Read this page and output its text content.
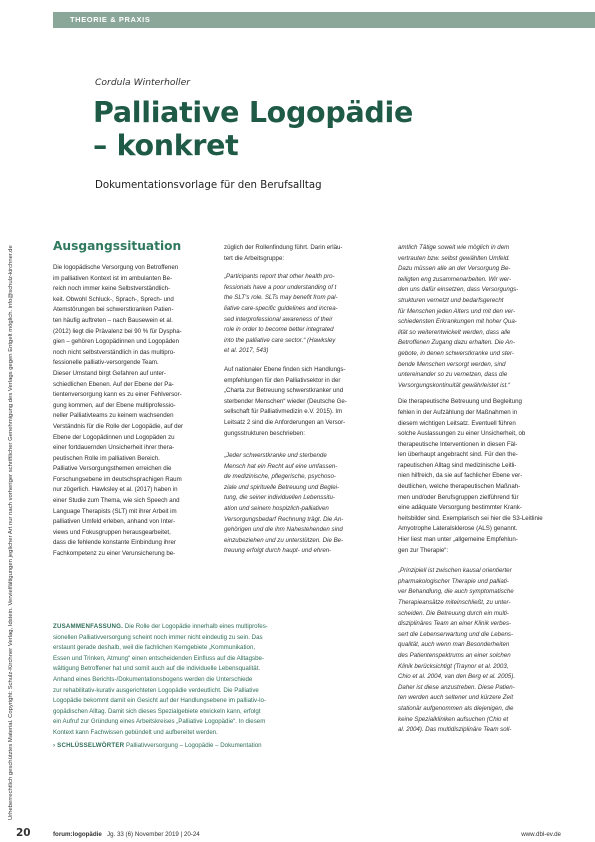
THEORIE & PRAXIS
Urheberrechtlich geschütztes Material. Copyright: Schulz-Kirchner Verlag, Idstein. Vervielfältigungen jeglicher Art nur nach vorheriger schriftlicher Genehmigung des Verlags gegen Entgelt möglich. info@schulz-kirchner.de
Cordula Winterholler
Palliative Logopädie
– konkret
Dokumentationsvorlage für den Berufsalltag
Ausgangssituation

Die logopädische Versorgung von Betroffenen

im palliativen Kontext ist im ambulanten Be-

reich noch immer keine Selbstverständlich-

keit. Obwohl Schluck-, Sprach-, Sprech- und

Atemstörungen bei schwerstkranken Patien-

ten häufig auftreten – nach Bausewein et al.

(2012) liegt die Prävalenz bei 90 % für Dyspha-

gien – gehören Logopädinnen und Logopäden

noch nicht selbstverständlich in das multipro-

fessionelle palliativ-versorgende Team.

Dieser Umstand birgt Gefahren auf unter-

schiedlichen Ebenen. Auf der Ebene der Pa-

tientenversorgung kann es zu einer Fehlversor-

gung kommen, auf der Ebene multiprofessio-

neller Palliativteams zu keinem wachsenden

Verständnis für die Rolle der Logopädie, auf der

Ebene der Logopädinnen und Logopäden zu

einer fortdauernden Unsicherheit ihrer thera-

peutischen Rolle im palliativen Bereich.

Palliative Versorgungsthemen erreichen die

Forschungsebene im deutschsprachigen Raum

nur zögerlich. Hawksley et al. (2017) haben in

einer Studie zum Thema, wie sich Speech and

Language Therapists (SLT) mit ihrer Arbeit im

palliativen Umfeld erleben, anhand von Inter-

views und Fokusgruppen herausgearbeitet,

dass die fehlende konstante Einbindung ihrer

Fachkompetenz zu einer Verunsicherung be-

züglich der Rollenfindung führt. Darin erläu-

tert die Arbeitsgruppe:

„Participants report that other health pro-

fessionals have a poor understanding of t

the SLT‘s role. SLTs may benefit from pal-

liative care-specific guidelines and increa-

sed interprofessional awareness of their

role in order to become better integrated

into the palliative care sector.“ (Hawksley

et al. 2017, 543)

Auf nationaler Ebene finden sich Handlungs-

empfehlungen für den Palliativsektor in der

„Charta zur Betreuung schwerstkranker und

sterbender Menschen“ wieder (Deutsche Ge-

sellschaft für Palliativmedizin e.V. 2015). Im

Leitsatz 2 sind die Anforderungen an Versor-

gungsstrukturen beschrieben:

„Jeder schwerstkranke und sterbende

Mensch hat ein Recht auf eine umfassen-

de medizinische, pflegerische, psychoso-

ziale und spirituelle Betreuung und Beglei-

tung, die seiner individuellen Lebenssitu-

ation und seinem hospizlich-palliativen

Versorgungsbedarf Rechnung trägt. Die An-

gehörigen und die ihm Nahestehenden sind

einzubeziehen und zu unterstützen. Die Be-

treuung erfolgt durch haupt- und ehren-

amtlich Tätige soweit wie möglich in dem

vertrauten bzw. selbst gewählten Umfeld.

Dazu müssen alle an der Versorgung Be-

teiligten eng zusammenarbeiten. Wir wer-

den uns dafür einsetzen, dass Versorgungs-

strukturen vernetzt und bedarfsgerecht

für Menschen jeden Alters und mit den ver-

schiedensten Erkrankungen mit hoher Qua-

lität so weiterentwickelt werden, dass alle

Betroffenen Zugang dazu erhalten. Die An-

gebote, in denen schwerstkranke und ster-

bende Menschen versorgt werden, sind

untereinander so zu vernetzen, dass die

Versorgungskontinuität gewährleistet ist.“

Die therapeutische Betreuung und Begleitung

fehlen in der Aufzählung der Maßnahmen in

diesem wichtigen Leitsatz. Eventuell führen

solche Auslassungen zu einer Unsicherheit, ob

therapeutische Interventionen in diesen Fäl-

len überhaupt angebracht sind. Für den the-

rapeutischen Alltag sind medizinische Leitli-

nien hilfreich, da sie auf fachlicher Ebene ver-

deutlichen, welche therapeutischen Maßnah-

men und/oder Berufsgruppen zielführend für

eine adäquate Versorgung bestimmter Krank-

heitsbilder sind. Exemplarisch sei hier die S3-Leitlinie

Amyotrophe Lateralsklerose (ALS) genannt.

Hier liest man unter „allgemeine Empfehlun-

gen zur Therapie“:

„Prinzipiell ist zwischen kausal orientierter

pharmakologischer Therapie und palliati-

ver Behandlung, die auch symptomatische

Therapieansätze miteinschließt, zu unter-

scheiden. Die Betreuung durch ein multi-

disziplinäres Team an einer Klinik verbes-

sert die Lebenserwartung und die Lebens-

qualität, auch wenn man Besonderheiten

des Patientenspektrums an einer solchen

Klinik berücksichtigt (Traynor et al. 2003,

Chio et al. 2004, van den Berg et al. 2005).

Daher ist diese anzustreben. Diese Patien-

ten werden auch seltener und kürzere Zeit

stationär aufgenommen als diejenigen, die

keine Spezialkliniken aufsuchen (Chio et

al. 2004). Das multidisziplinäre Team soll-

ZUSAMMENFASSUNG. Die Rolle der Logopädie innerhalb eines multiprofes-

sionellen Palliativversorgung scheint noch immer nicht eindeutig zu sein. Das

erstaunt gerade deshalb, weil die fachlichen Kerngebiete „Kommunikation,

Essen und Trinken, Atmung“ einen entscheidenden Einfluss auf die Alltagsbe-

wältigung Betroffener hat und somit auch auf die individuelle Lebensqualität.

Anhand eines Berichts-/Dokumentationsbogens werden die Unterschiede

zur rehabilitativ-kurativ ausgerichteten Logopädie verdeutlicht. Die Palliative

Logopädie bekommt damit ein Gesicht auf der Handlungsebene im palliativ-lo-

gopädischen Alltag. Damit sich dieses Spezialgebiete etwickeln kann, erfolgt

ein Aufruf zur Gründung eines Arbeitskreises „Palliative Logopädie“. In diesem

Kontext kann Fachwissen gebündelt und aufbereitet werden.

› SCHLÜSSELWÖRTER Palliativversorgung – Logopädie – Dokumentation

20	forum:logopädie Jg. 33 (6) November 2019 | 20-24	www.dbl-ev.de
